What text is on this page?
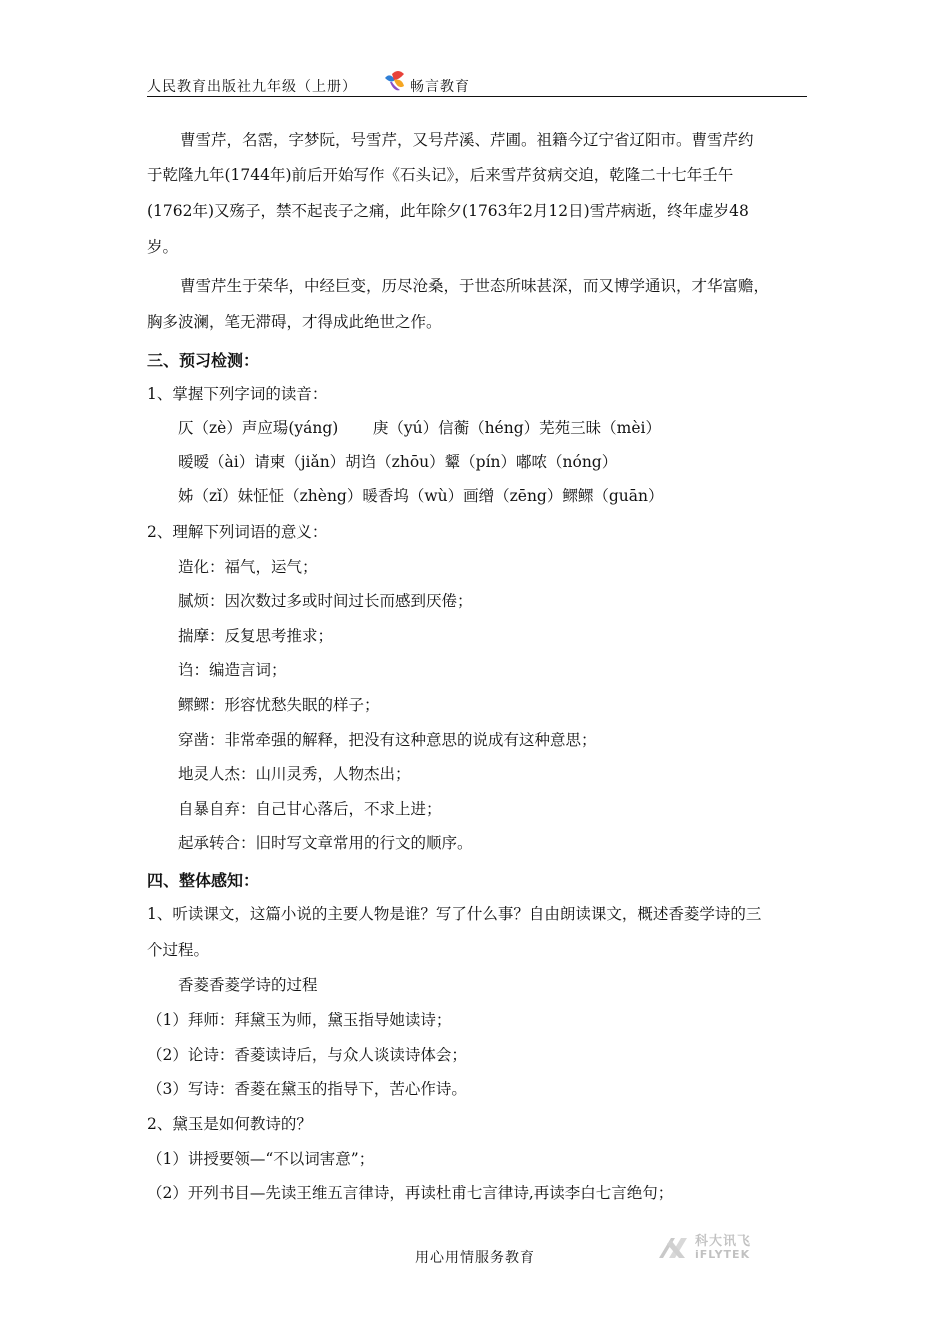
人民教育出版社九年级（上册）	畅言教育
曹雪芹，名霑，字梦阮，号雪芹，又号芹溪、芹圃。祖籍今辽宁省辽阳市。曹雪芹约
于乾隆九年(1744年)前后开始写作《石头记》，后来雪芹贫病交迫，乾隆二十七年壬午
(1762年)又殇子，禁不起丧子之痛，此年除夕(1763年2月12日)雪芹病逝，终年虚岁48
岁。
曹雪芹生于荣华，中经巨变，历尽沧桑，于世态所味甚深，而又博学通识，才华富赡，
胸多波澜，笔无滞碍，才得成此绝世之作。
三、预习检测：
1、掌握下列字词的读音：
仄（zè）声应瑒(yáng)       庚（yú）信蘅（héng）芜苑三昧（mèi）
暧暧（ài）请柬（jiǎn）胡诌（zhōu）颦（pín）嘟哝（nóng）
姊（zǐ）妹怔怔（zhèng）暖香坞（wù）画缯（zēng）鳏鳏（guān）
2、理解下列词语的意义：
造化：福气，运气；
腻烦：因次数过多或时间过长而感到厌倦；
揣摩：反复思考推求；
诌：编造言词；
鳏鳏：形容忧愁失眠的样子；
穿凿：非常牵强的解释，把没有这种意思的说成有这种意思；
地灵人杰：山川灵秀，人物杰出；
自暴自弃：自己甘心落后，不求上进；
起承转合：旧时写文章常用的行文的顺序。
四、整体感知：
1、听读课文，这篇小说的主要人物是谁？写了什么事？自由朗读课文，概述香菱学诗的三
个过程。
香菱香菱学诗的过程
（1）拜师：拜黛玉为师，黛玉指导她读诗；
（2）论诗：香菱读诗后，与众人谈读诗体会；
（3）写诗：香菱在黛玉的指导下，苦心作诗。
2、黛玉是如何教诗的？
（1）讲授要领—“不以词害意”；
（2）开列书目—先读王维五言律诗，再读杜甫七言律诗,再读李白七言绝句；
用心用情服务教育
科大讯飞
iFLYTEK
